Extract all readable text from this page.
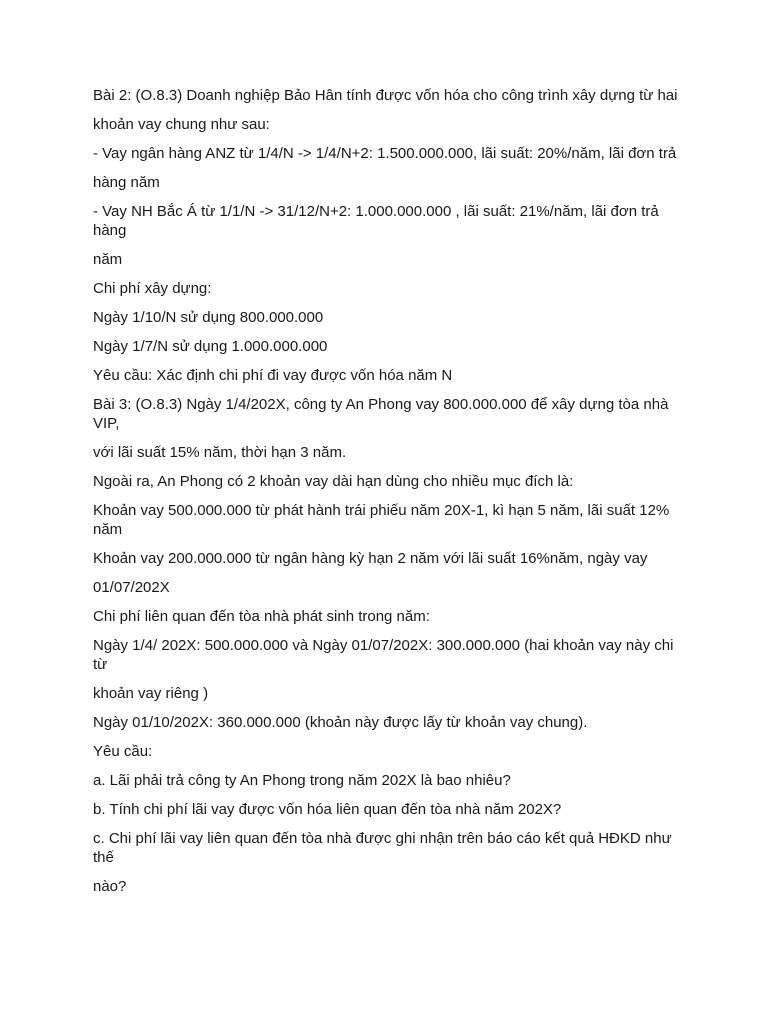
Bài 2: (O.8.3) Doanh nghiệp Bảo Hân tính được vốn hóa cho công trình xây dựng từ hai

khoản vay chung như sau:

- Vay ngân hàng ANZ từ 1/4/N -> 1/4/N+2: 1.500.000.000, lãi suất: 20%/năm, lãi đơn trả

hàng năm

- Vay NH Bắc Á từ 1/1/N -> 31/12/N+2: 1.000.000.000 , lãi suất: 21%/năm, lãi đơn trả hàng

năm

Chi phí xây dựng:

Ngày 1/10/N sử dụng 800.000.000

Ngày 1/7/N sử dụng 1.000.000.000

Yêu cầu: Xác định chi phí đi vay được vốn hóa năm N

Bài 3: (O.8.3) Ngày 1/4/202X, công ty An Phong vay 800.000.000 để xây dựng tòa nhà VIP,

với lãi suất 15% năm, thời hạn 3 năm.

Ngoài ra, An Phong có 2 khoản vay dài hạn dùng cho nhiều mục đích là:

Khoản vay 500.000.000 từ phát hành trái phiếu năm 20X-1, kì hạn 5 năm, lãi suất 12% năm

Khoản vay 200.000.000 từ ngân hàng kỳ hạn 2 năm với lãi suất 16%năm, ngày vay

01/07/202X

Chi phí liên quan đến tòa nhà phát sinh trong năm:

Ngày 1/4/ 202X: 500.000.000 và Ngày 01/07/202X: 300.000.000 (hai khoản vay này chi từ

khoản vay riêng )

Ngày 01/10/202X: 360.000.000 (khoản này được lấy từ khoản vay chung).

Yêu cầu:

a. Lãi phải trả công ty An Phong trong năm 202X là bao nhiêu?

b. Tính chi phí lãi vay được vốn hóa liên quan đến tòa nhà năm 202X?

c. Chi phí lãi vay liên quan đến tòa nhà được ghi nhận trên báo cáo kết quả HĐKD như thế

nào?
